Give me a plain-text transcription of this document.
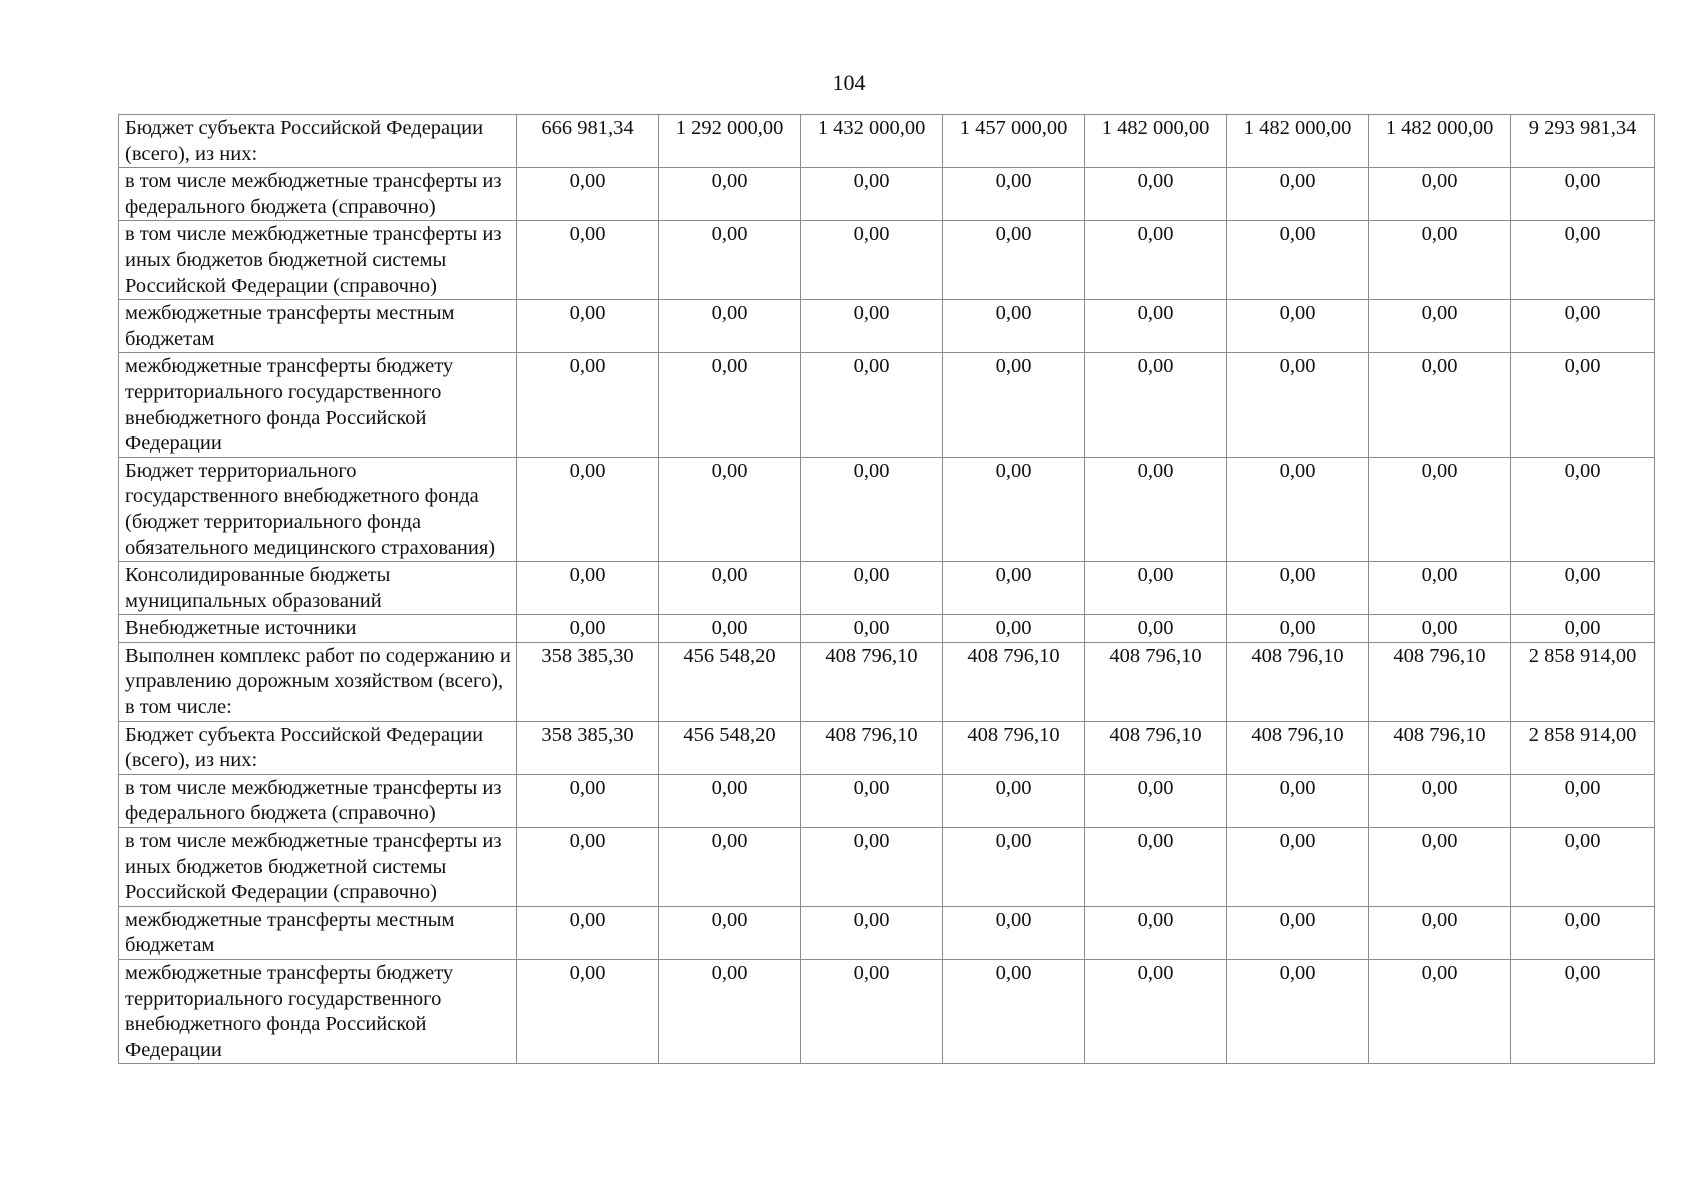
104
Бюджет субъекта Российской Федерации (всего), из них:	666 981,34	1 292 000,00	1 432 000,00	1 457 000,00	1 482 000,00	1 482 000,00	1 482 000,00	9 293 981,34
в том числе межбюджетные трансферты из федерального бюджета (справочно)	0,00	0,00	0,00	0,00	0,00	0,00	0,00	0,00
в том числе межбюджетные трансферты из иных бюджетов бюджетной системы Российской Федерации (справочно)	0,00	0,00	0,00	0,00	0,00	0,00	0,00	0,00
межбюджетные трансферты местным бюджетам	0,00	0,00	0,00	0,00	0,00	0,00	0,00	0,00
межбюджетные трансферты бюджету территориального государственного внебюджетного фонда Российской Федерации	0,00	0,00	0,00	0,00	0,00	0,00	0,00	0,00
Бюджет территориального государственного внебюджетного фонда (бюджет территориального фонда обязательного медицинского страхования)	0,00	0,00	0,00	0,00	0,00	0,00	0,00	0,00
Консолидированные бюджеты муниципальных образований	0,00	0,00	0,00	0,00	0,00	0,00	0,00	0,00
Внебюджетные источники	0,00	0,00	0,00	0,00	0,00	0,00	0,00	0,00
Выполнен комплекс работ по содержанию и управлению дорожным хозяйством (всего), в том числе:	358 385,30	456 548,20	408 796,10	408 796,10	408 796,10	408 796,10	408 796,10	2 858 914,00
Бюджет субъекта Российской Федерации (всего), из них:	358 385,30	456 548,20	408 796,10	408 796,10	408 796,10	408 796,10	408 796,10	2 858 914,00
в том числе межбюджетные трансферты из федерального бюджета (справочно)	0,00	0,00	0,00	0,00	0,00	0,00	0,00	0,00
в том числе межбюджетные трансферты из иных бюджетов бюджетной системы Российской Федерации (справочно)	0,00	0,00	0,00	0,00	0,00	0,00	0,00	0,00
межбюджетные трансферты местным бюджетам	0,00	0,00	0,00	0,00	0,00	0,00	0,00	0,00
межбюджетные трансферты бюджету территориального государственного внебюджетного фонда Российской Федерации	0,00	0,00	0,00	0,00	0,00	0,00	0,00	0,00
